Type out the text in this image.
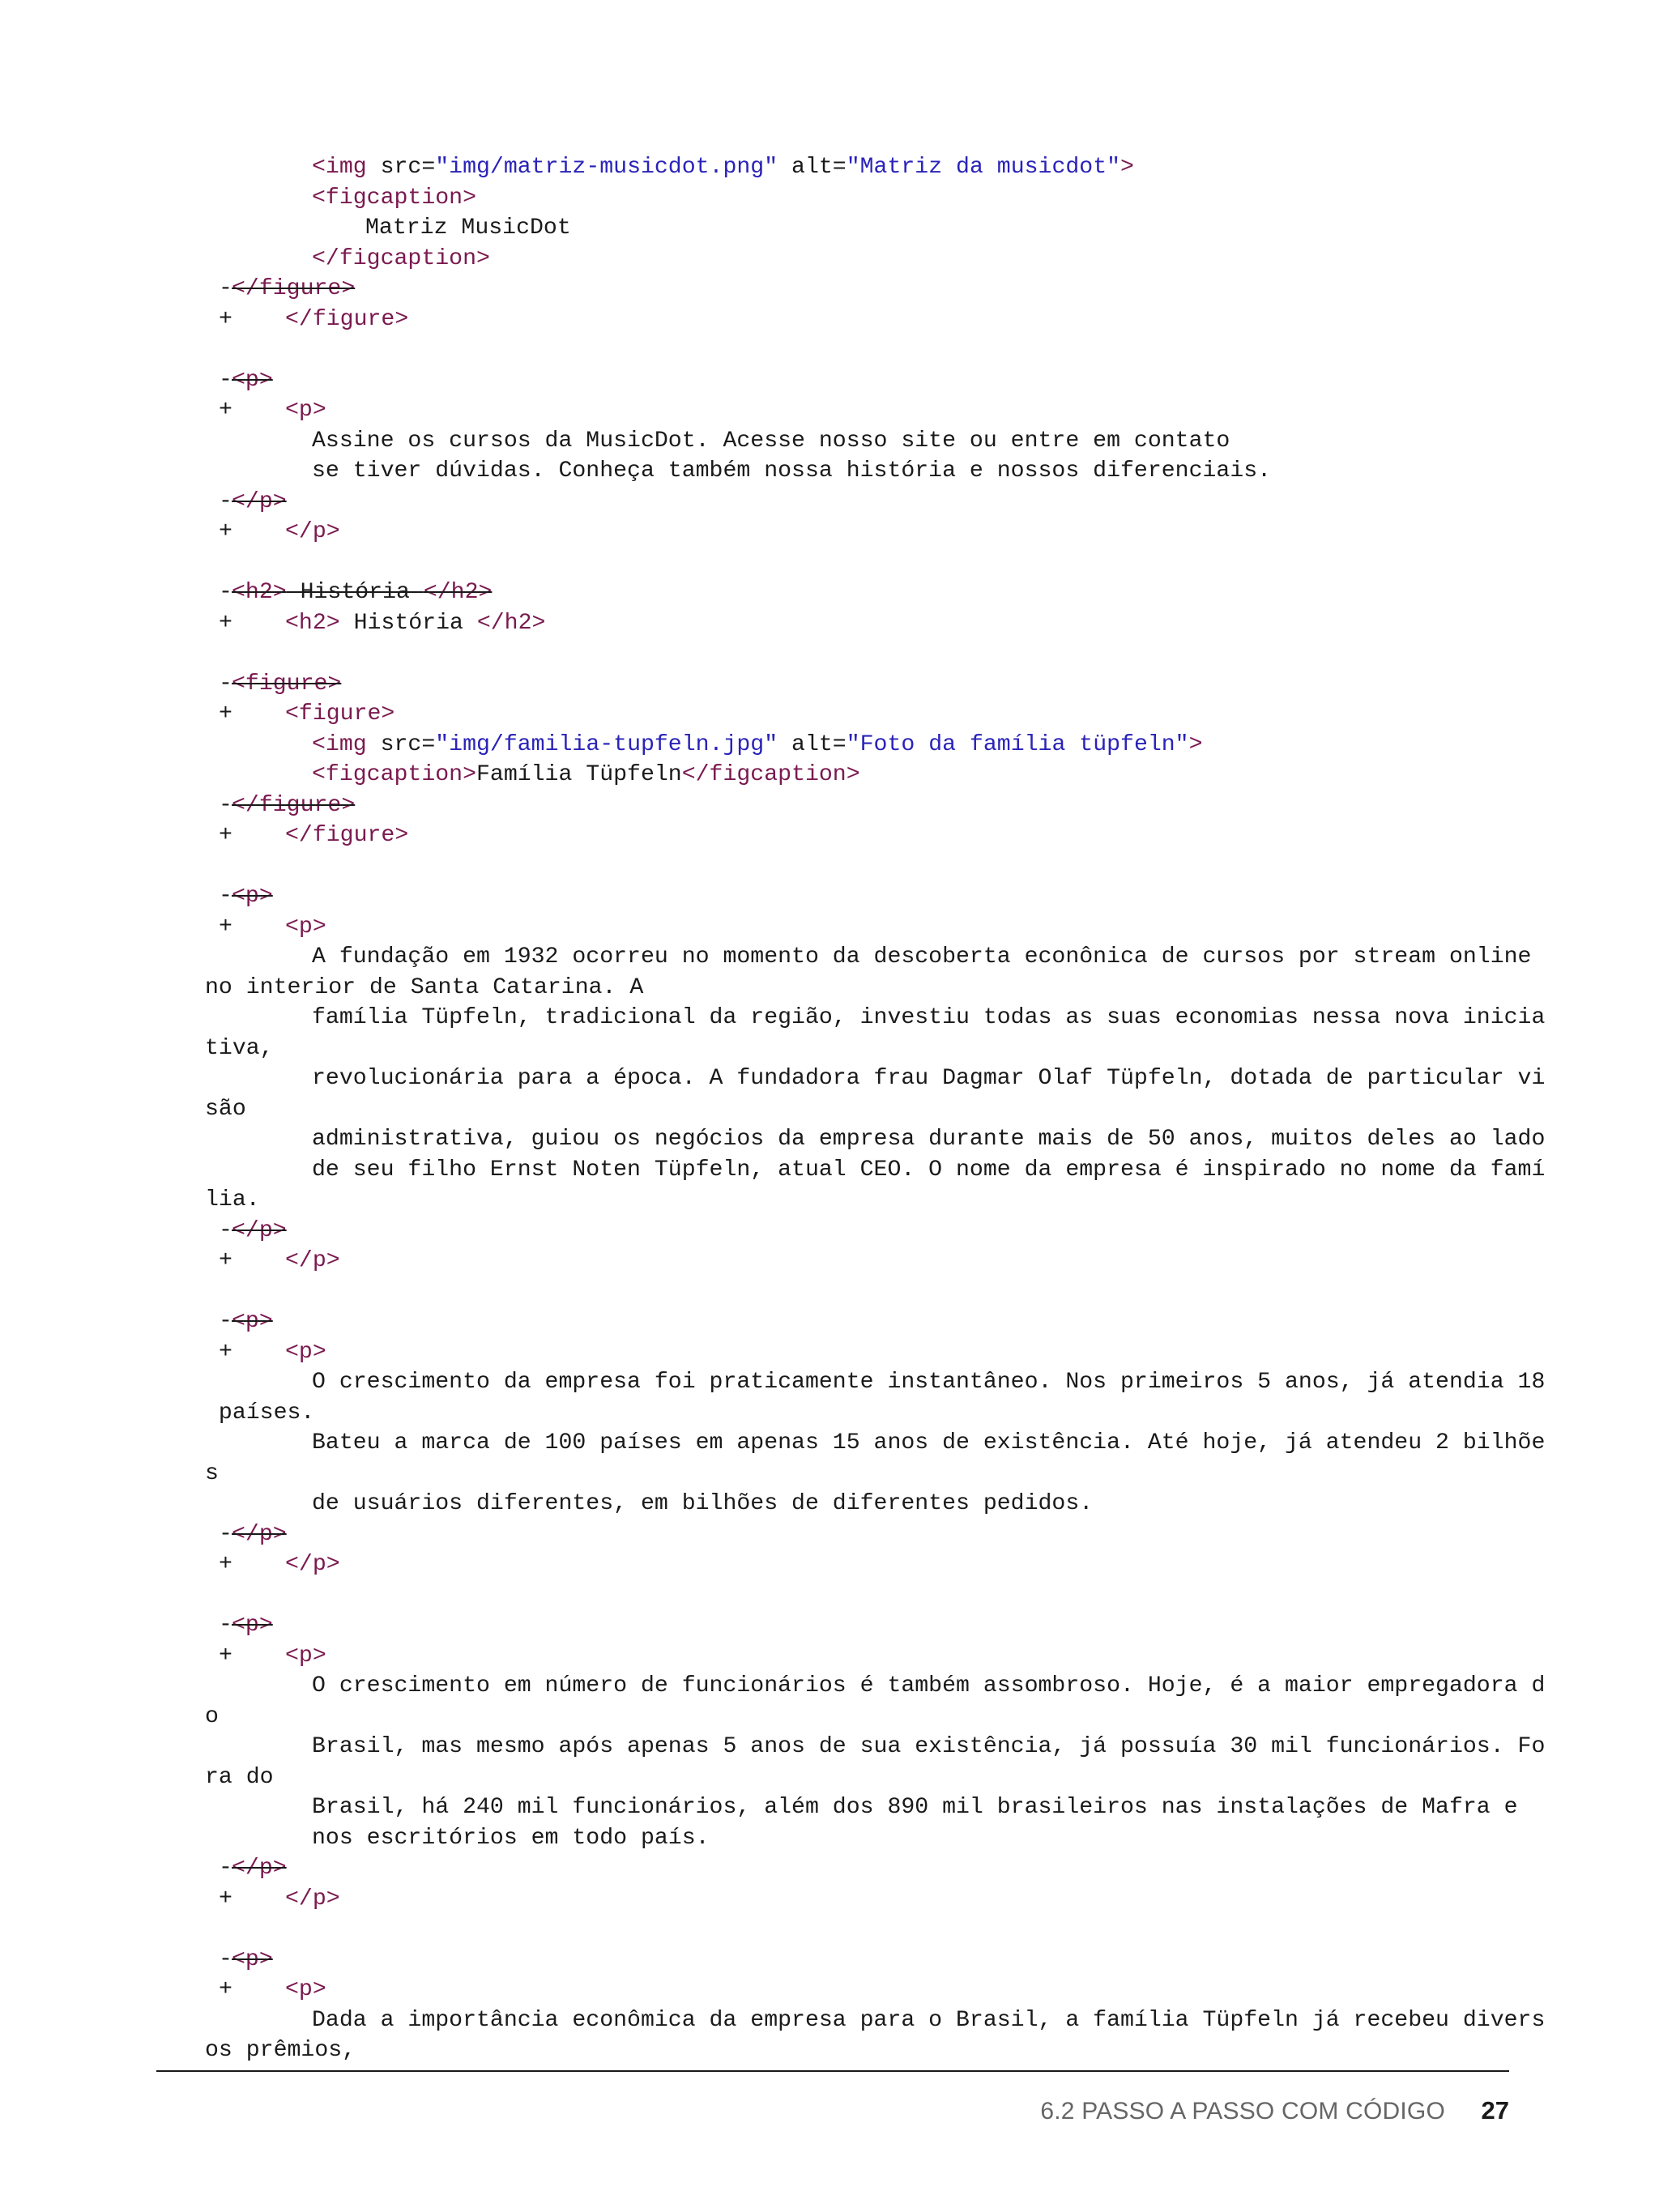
<img src="img/matriz-musicdot.png" alt="Matriz da musicdot">

<figcaption>

Matriz MusicDot

</figcaption>

-

</figure>

+

</figure>

-

<p>

+

<p>

Assine os cursos da MusicDot. Acesse nosso site ou entre em contato

se tiver dúvidas. Conheça também nossa história e nossos diferenciais.

-

</p>

+

</p>

-

<h2> História </h2>

+

<h2> História </h2>

-

<figure>

+

<figure>

<img src="img/familia-tupfeln.jpg" alt="Foto da família tüpfeln">

<figcaption>Família Tüpfeln</figcaption>

-

</figure>

+

</figure>

-

<p>

+

<p>

A fundação em 1932 ocorreu no momento da descoberta econônica de cursos por stream online
no interior de Santa Catarina. A
família Tüpfeln, tradicional da região, investiu todas as suas economias nessa nova inicia
tiva,
revolucionária para a época. A fundadora frau Dagmar Olaf Tüpfeln, dotada de particular vi
são
administrativa, guiou os negócios da empresa durante mais de 50 anos, muitos deles ao lado
de seu filho Ernst Noten Tüpfeln, atual CEO. O nome da empresa é inspirado no nome da famí
lia.

-

</p>

+

</p>

-

<p>

+

<p>

O crescimento da empresa foi praticamente instantâneo. Nos primeiros 5 anos, já atendia 18
países.
Bateu a marca de 100 países em apenas 15 anos de existência. Até hoje, já atendeu 2 bilhõe
s
de usuários diferentes, em bilhões de diferentes pedidos.

-

</p>

+

</p>

-

<p>

+

<p>

O crescimento em número de funcionários é também assombroso. Hoje, é a maior empregadora d
o
Brasil, mas mesmo após apenas 5 anos de sua existência, já possuía 30 mil funcionários. Fo
ra do
Brasil, há 240 mil funcionários, além dos 890 mil brasileiros nas instalações de Mafra e
nos escritórios em todo país.

-

</p>

+

</p>

-

<p>

+

<p>

Dada a importância econômica da empresa para o Brasil, a família Tüpfeln já recebeu divers
os prêmios,
6.2 PASSO A PASSO COM CÓDIGO 27
